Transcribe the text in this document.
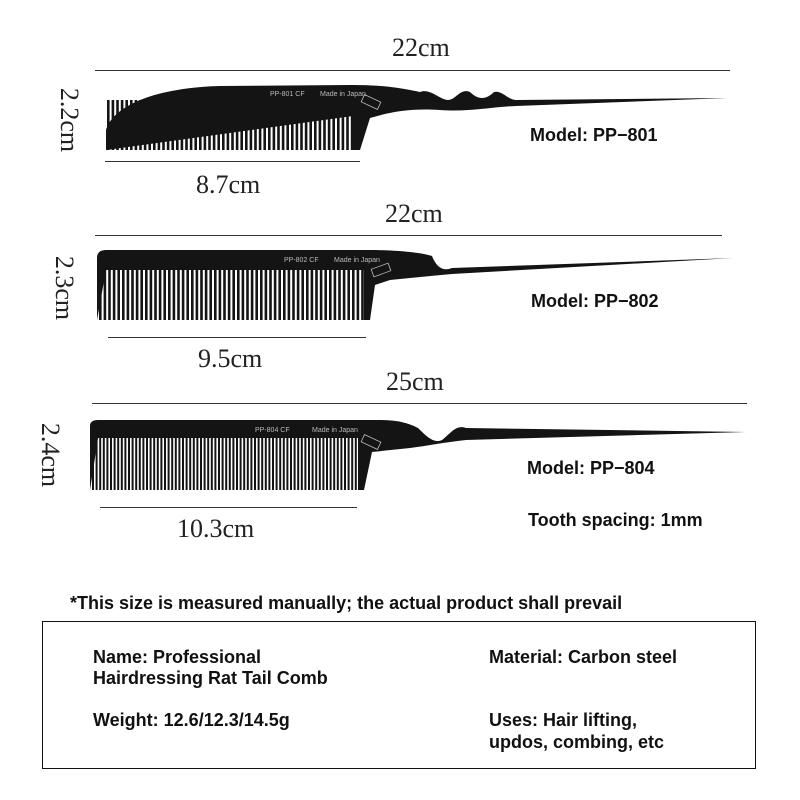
22cm
2.2cm	PP-801 CF Made in Japan
8.7cm
Model: PP−801
22cm
2.3cm	PP-802 CF Made in Japan
9.5cm
Model: PP−802
25cm
2.4cm	PP-804 CF	Made in Japan
10.3cm
Model: PP−804
Tooth spacing: 1mm
*This size is measured manually; the actual product shall prevail
Name: Professional
Hairdressing Rat Tail Comb
Material: Carbon steel
Weight: 12.6/12.3/14.5g	Uses: Hair lifting,
updos, combing, etc
